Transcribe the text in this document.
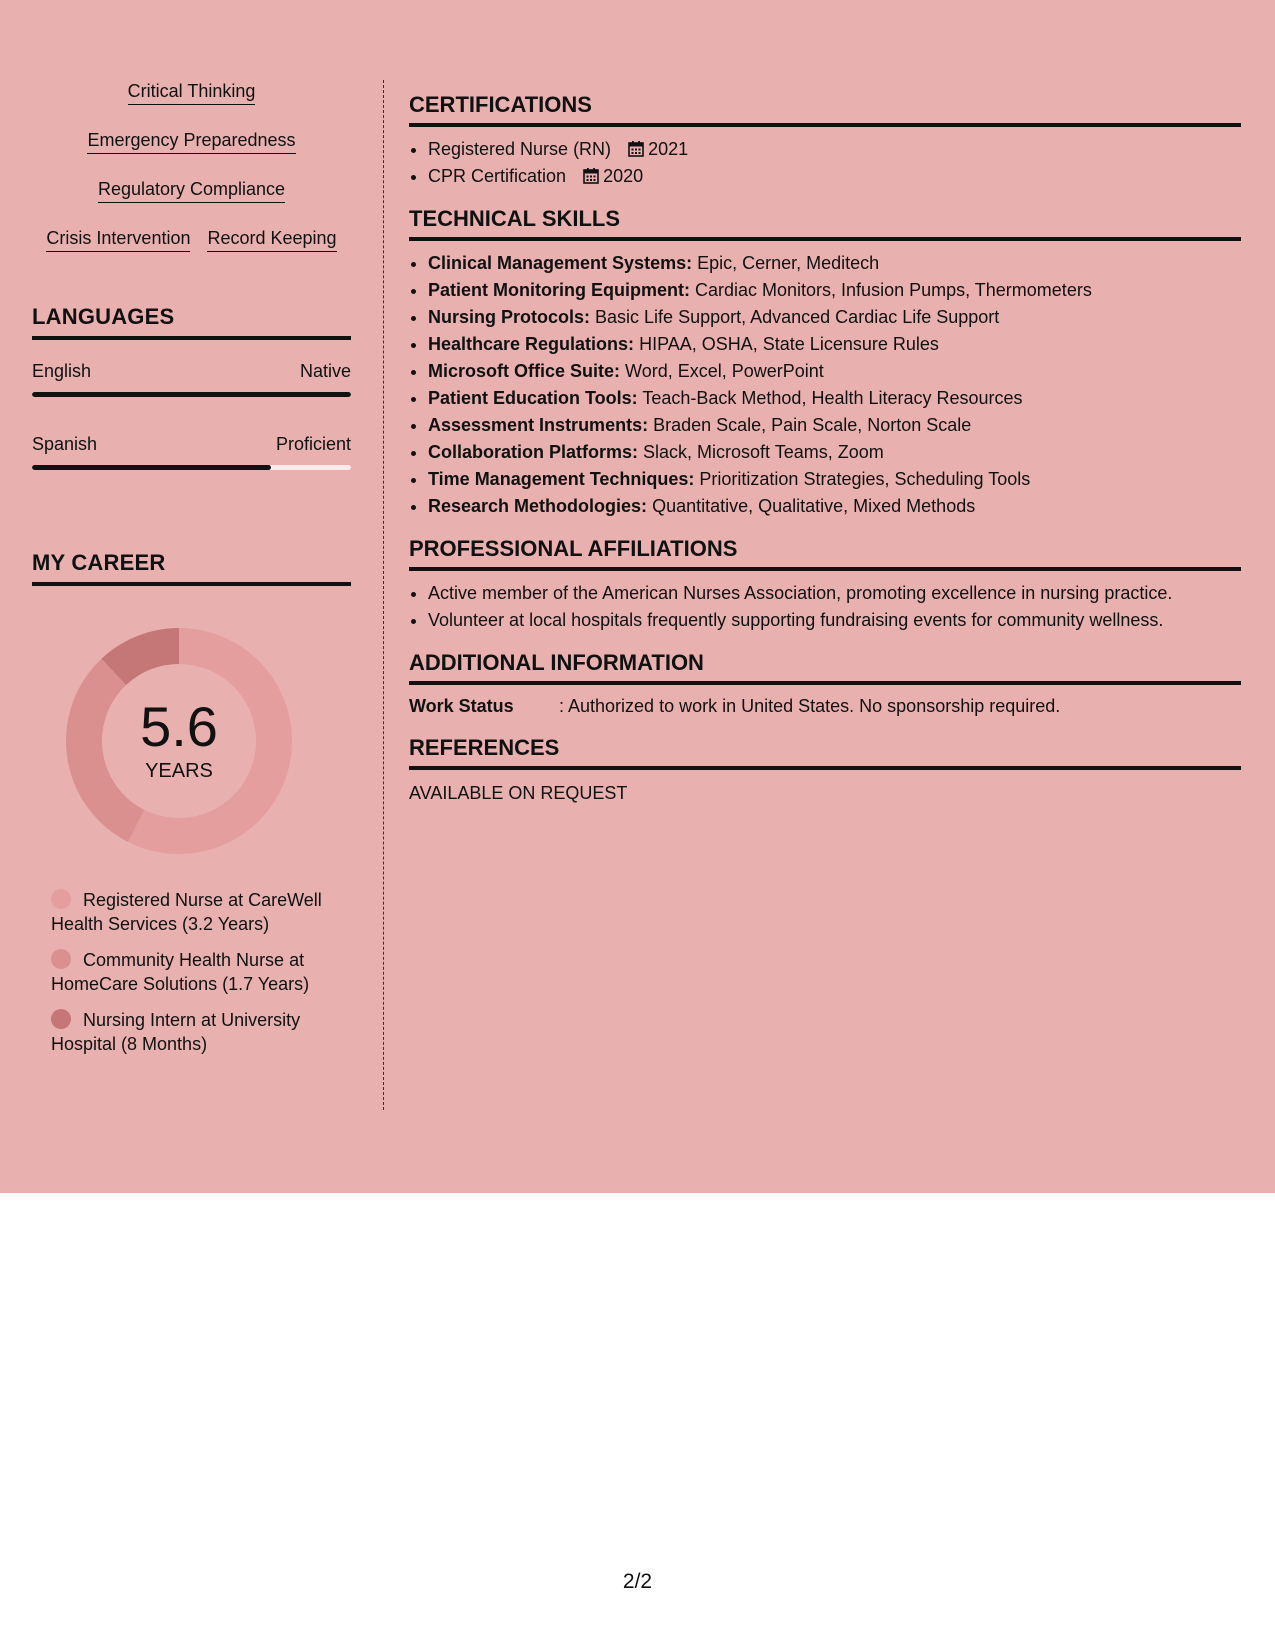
Critical Thinking
Emergency Preparedness
Regulatory Compliance
Crisis Intervention Record Keeping
LANGUAGES
English	Native
Spanish	Proficient
MY CAREER
5.6
YEARS
Registered Nurse at CareWell Health Services (3.2 Years)
Community Health Nurse at HomeCare Solutions (1.7 Years)
Nursing Intern at University Hospital (8 Months)
CERTIFICATIONS
• Registered Nurse (RN) 2021
• CPR Certification 2020
TECHNICAL SKILLS
• Clinical Management Systems: Epic, Cerner, Meditech
• Patient Monitoring Equipment: Cardiac Monitors, Infusion Pumps, Thermometers
• Nursing Protocols: Basic Life Support, Advanced Cardiac Life Support
• Healthcare Regulations: HIPAA, OSHA, State Licensure Rules
• Microsoft Office Suite: Word, Excel, PowerPoint
• Patient Education Tools: Teach-Back Method, Health Literacy Resources
• Assessment Instruments: Braden Scale, Pain Scale, Norton Scale
• Collaboration Platforms: Slack, Microsoft Teams, Zoom
• Time Management Techniques: Prioritization Strategies, Scheduling Tools
• Research Methodologies: Quantitative, Qualitative, Mixed Methods
PROFESSIONAL AFFILIATIONS
• Active member of the American Nurses Association, promoting excellence in nursing practice.
• Volunteer at local hospitals frequently supporting fundraising events for community wellness.
ADDITIONAL INFORMATION
Work Status	: Authorized to work in United States. No sponsorship required.
REFERENCES
AVAILABLE ON REQUEST
2/2
